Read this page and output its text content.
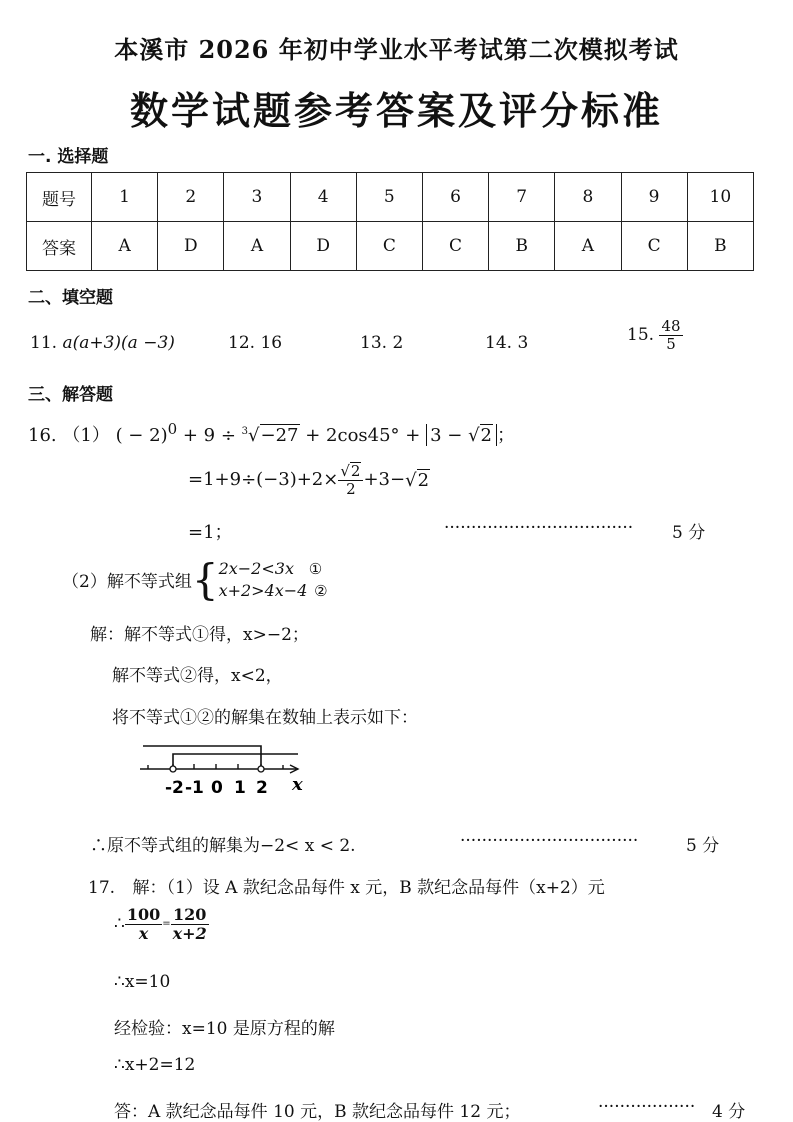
本溪市 2026 年初中学业水平考试第二次模拟考试
数学试题参考答案及评分标准
一. 选择题
题号	1	2	3	4	5	6	7	8	9	10
答案	A	D	A	D	C	C	B	A	C	B
二、填空题
11. a(a+3)(a −3)	12. 16	13. 2	14. 3	15. $\frac{48}{5}$
三、解答题
16. （1） ( − 2)$^0$ + 9 ÷ $^3$√−27 + 2cos45° + 3 − √2 ；
$=1+9\div(-3)+2\times \frac{√2}{2} +3-√2$
=1；	··································· 5 分
（2）解不等式组{ 2x−2<3x ①
x+2>4x−4 ②
解：解不等式①得，x>−2；
解不等式②得，x<2，
将不等式①②的解集在数轴上表示如下：
-2 -1 0 1 2 x
∴原不等式组的解集为−2< x < 2.	·································	5 分
17. 解：（1）设 A 款纪念品每件 x 元，B 款纪念品每件（x+2）元
∴ $\frac{100}{x} = \frac{120}{x+2}$
∴x=10
经检验：x=10 是原方程的解
∴x+2=12
答：A 款纪念品每件 10 元，B 款纪念品每件 12 元；	·················· 4 分
